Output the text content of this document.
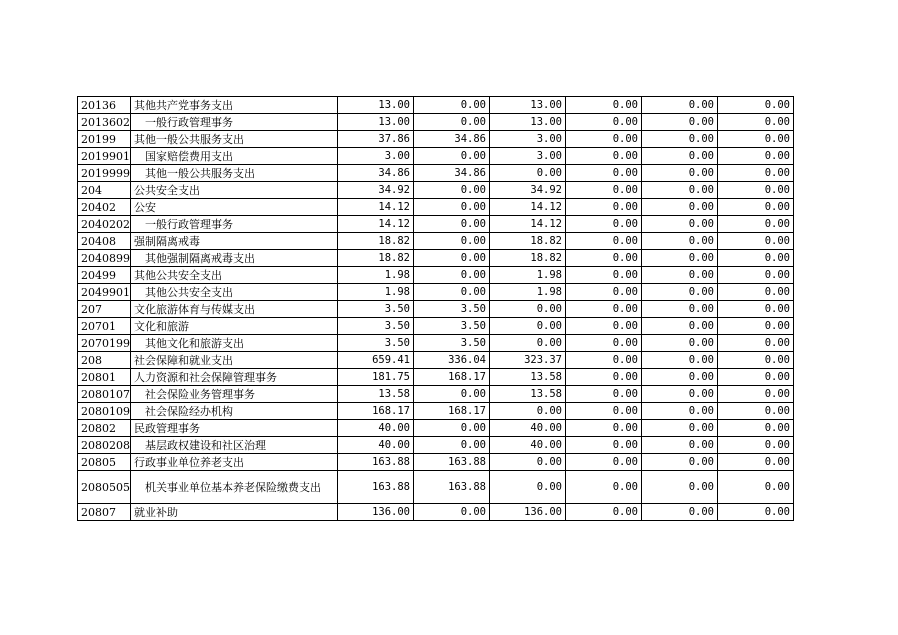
20136	其他共产党事务支出	13.00	0.00	13.00	0.00	0.00	0.00
2013602	一般行政管理事务	13.00	0.00	13.00	0.00	0.00	0.00
20199	其他一般公共服务支出	37.86	34.86	3.00	0.00	0.00	0.00
2019901	国家赔偿费用支出	3.00	0.00	3.00	0.00	0.00	0.00
2019999	其他一般公共服务支出	34.86	34.86	0.00	0.00	0.00	0.00
204	公共安全支出	34.92	0.00	34.92	0.00	0.00	0.00
20402	公安	14.12	0.00	14.12	0.00	0.00	0.00
2040202	一般行政管理事务	14.12	0.00	14.12	0.00	0.00	0.00
20408	强制隔离戒毒	18.82	0.00	18.82	0.00	0.00	0.00
2040899	其他强制隔离戒毒支出	18.82	0.00	18.82	0.00	0.00	0.00
20499	其他公共安全支出	1.98	0.00	1.98	0.00	0.00	0.00
2049901	其他公共安全支出	1.98	0.00	1.98	0.00	0.00	0.00
207	文化旅游体育与传媒支出	3.50	3.50	0.00	0.00	0.00	0.00
20701	文化和旅游	3.50	3.50	0.00	0.00	0.00	0.00
2070199	其他文化和旅游支出	3.50	3.50	0.00	0.00	0.00	0.00
208	社会保障和就业支出	659.41	336.04	323.37	0.00	0.00	0.00
20801	人力资源和社会保障管理事务	181.75	168.17	13.58	0.00	0.00	0.00
2080107	社会保险业务管理事务	13.58	0.00	13.58	0.00	0.00	0.00
2080109	社会保险经办机构	168.17	168.17	0.00	0.00	0.00	0.00
20802	民政管理事务	40.00	0.00	40.00	0.00	0.00	0.00
2080208	基层政权建设和社区治理	40.00	0.00	40.00	0.00	0.00	0.00
20805	行政事业单位养老支出	163.88	163.88	0.00	0.00	0.00	0.00
2080505	机关事业单位基本养老保险缴费支出	163.88	163.88	0.00	0.00	0.00	0.00
20807	就业补助	136.00	0.00	136.00	0.00	0.00	0.00
